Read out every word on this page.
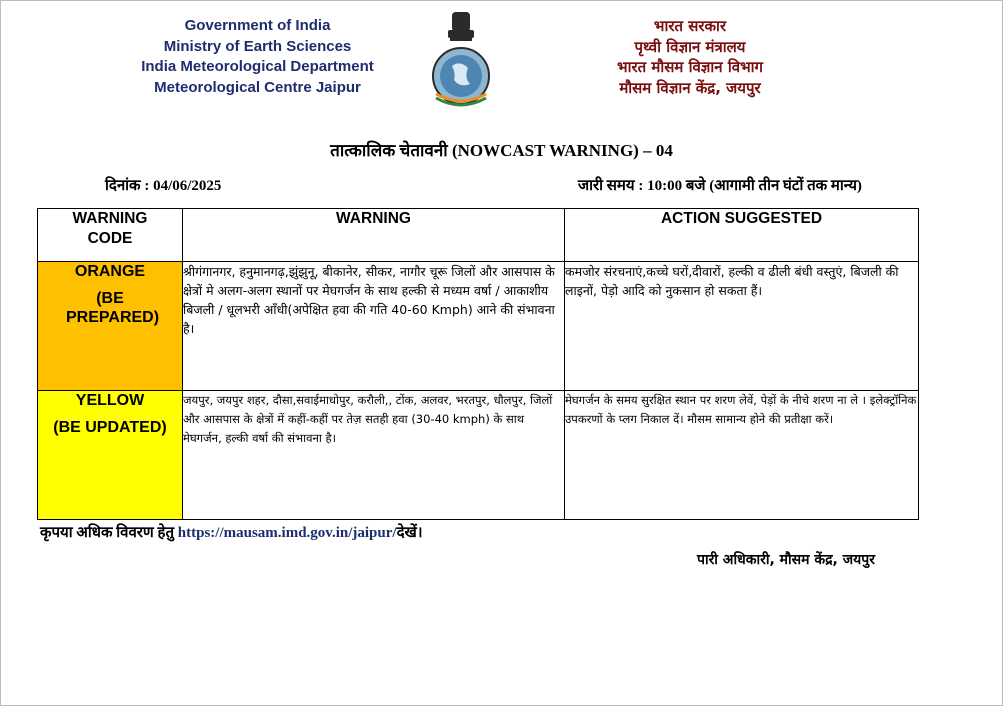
Government of India
Ministry of Earth Sciences
India Meteorological Department
Meteorological Centre Jaipur
भारत सरकार
पृथ्वी विज्ञान मंत्रालय
भारत मौसम विज्ञान विभाग
मौसम विज्ञान केंद्र, जयपुर
तात्कालिक चेतावनी (NOWCAST WARNING) – 04
दिनांक : 04/06/2025	जारी समय : 10:00 बजे (आगामी तीन घंटों तक मान्य)
WARNING CODE	WARNING	ACTION SUGGESTED

ORANGE
(BE PREPARED)	श्रीगंगानगर, हनुमानगढ़,झुंझुनू, बीकानेर, सीकर, नागौर चूरू जिलों और आसपास के क्षेत्रों मे अलग-अलग स्थानों पर मेघगर्जन के साथ हल्की से मध्यम वर्षा / आकाशीय बिजली / धूलभरी आँधी(अपेक्षित हवा की गति 40-60 Kmph) आने की संभावना है।	कमजोर संरचनाएं,कच्चे घरों,दीवारों, हल्की व ढीली बंधी वस्तुएं, बिजली की लाइनों, पेड़ो आदि को नुकसान हो सकता हैं।

YELLOW
(BE UPDATED)	जयपुर, जयपुर शहर, दौसा,सवाईमाधोपुर, करौली,, टोंक, अलवर, भरतपुर, धौलपुर, जिलों और आसपास के क्षेत्रों में कहीं-कहीं पर तेज़ सतही हवा (30-40 kmph) के साथ मेघगर्जन, हल्की वर्षा की संभावना है।	मेघगर्जन के समय सुरक्षित स्थान पर शरण लेवें, पेड़ों के नीचे शरण ना ले । इलेक्ट्रॉनिक उपकरणों के प्लग निकाल दें। मौसम सामान्य होने की प्रतीक्षा करें।
कृपया अधिक विवरण हेतु https://mausam.imd.gov.in/jaipur/देखें।
पारी अधिकारी, मौसम केंद्र, जयपुर
